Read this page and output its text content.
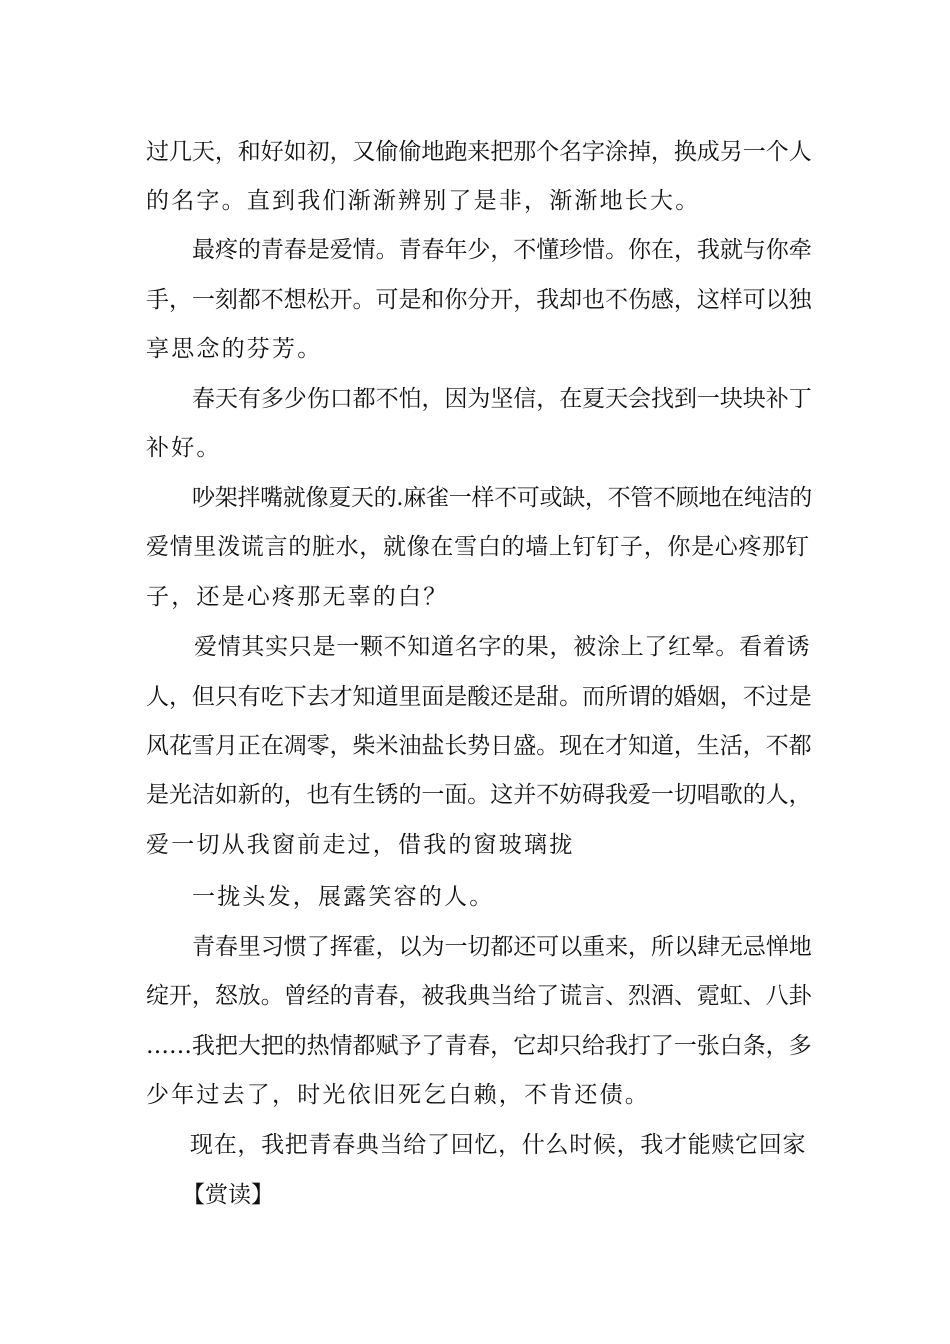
过几天，和好如初，又偷偷地跑来把那个名字涂掉，换成另一个人
的名字。直到我们渐渐辨别了是非，渐渐地长大。
最疼的青春是爱情。青春年少，不懂珍惜。你在，我就与你牵
手，一刻都不想松开。可是和你分开，我却也不伤感，这样可以独
享思念的芬芳。
春天有多少伤口都不怕，因为坚信，在夏天会找到一块块补丁
补好。
吵架拌嘴就像夏天的.麻雀一样不可或缺，不管不顾地在纯洁的
爱情里泼谎言的脏水，就像在雪白的墙上钉钉子，你是心疼那钉
子，还是心疼那无辜的白？
爱情其实只是一颗不知道名字的果，被涂上了红晕。看着诱
人，但只有吃下去才知道里面是酸还是甜。而所谓的婚姻，不过是
风花雪月正在凋零，柴米油盐长势日盛。现在才知道，生活，不都
是光洁如新的，也有生锈的一面。这并不妨碍我爱一切唱歌的人，
爱一切从我窗前走过，借我的窗玻璃拢
一拢头发，展露笑容的人。
青春里习惯了挥霍，以为一切都还可以重来，所以肆无忌惮地
绽开，怒放。曾经的青春，被我典当给了谎言、烈酒、霓虹、八卦
……我把大把的热情都赋予了青春，它却只给我打了一张白条，多
少年过去了，时光依旧死乞白赖，不肯还债。
现在，我把青春典当给了回忆，什么时候，我才能赎它回家
【赏读】
